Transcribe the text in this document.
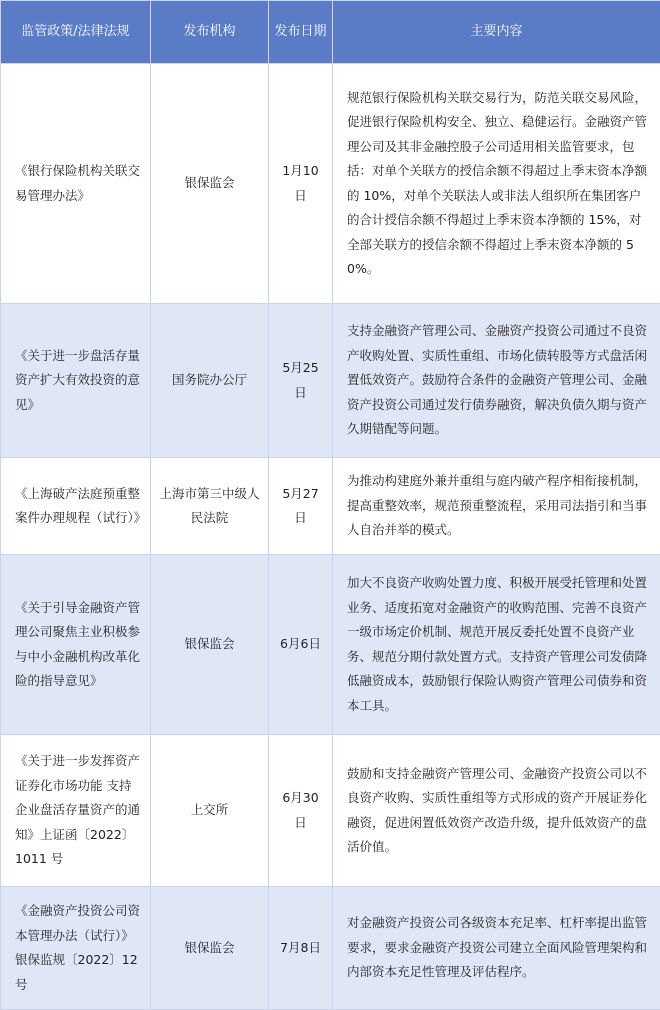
监管政策/法律法规	发布机构	发布日期	主要内容
《银行保险机构关联交易管理办法》	银保监会	1月10日	规范银行保险机构关联交易行为，防范关联交易风险，促进银行保险机构安全、独立、稳健运行。金融资产管理公司及其非金融控股子公司适用相关监管要求，包括：对单个关联方的授信余额不得超过上季末资本净额的 10%，对单个关联法人或非法人组织所在集团客户的合计授信余额不得超过上季末资本净额的 15%，对全部关联方的授信余额不得超过上季末资本净额的 50%。
《关于进一步盘活存量资产扩大有效投资的意见》	国务院办公厅	5月25日	支持金融资产管理公司、金融资产投资公司通过不良资产收购处置、实质性重组、市场化债转股等方式盘活闲置低效资产。鼓励符合条件的金融资产管理公司、金融资产投资公司通过发行债券融资，解决负债久期与资产久期错配等问题。
《上海破产法庭预重整案件办理规程（试行）》	上海市第三中级人民法院	5月27日	为推动构建庭外兼并重组与庭内破产程序相衔接机制，提高重整效率，规范预重整流程，采用司法指引和当事人自治并举的模式。
《关于引导金融资产管理公司聚焦主业积极参与中小金融机构改革化险的指导意见》	银保监会	6月6日	加大不良资产收购处置力度、积极开展受托管理和处置业务、适度拓宽对金融资产的收购范围、完善不良资产一级市场定价机制、规范开展反委托处置不良资产业务、规范分期付款处置方式。支持资产管理公司发债降低融资成本，鼓励银行保险认购资产管理公司债券和资本工具。
《关于进一步发挥资产证券化市场功能 支持企业盘活存量资产的通知》上证函〔2022〕1011 号	上交所	6月30日	鼓励和支持金融资产管理公司、金融资产投资公司以不良资产收购、实质性重组等方式形成的资产开展证券化融资，促进闲置低效资产改造升级，提升低效资产的盘活价值。
《金融资产投资公司资本管理办法（试行）》银保监规〔2022〕12 号	银保监会	7月8日	对金融资产投资公司各级资本充足率、杠杆率提出监管要求，要求金融资产投资公司建立全面风险管理架构和内部资本充足性管理及评估程序。
